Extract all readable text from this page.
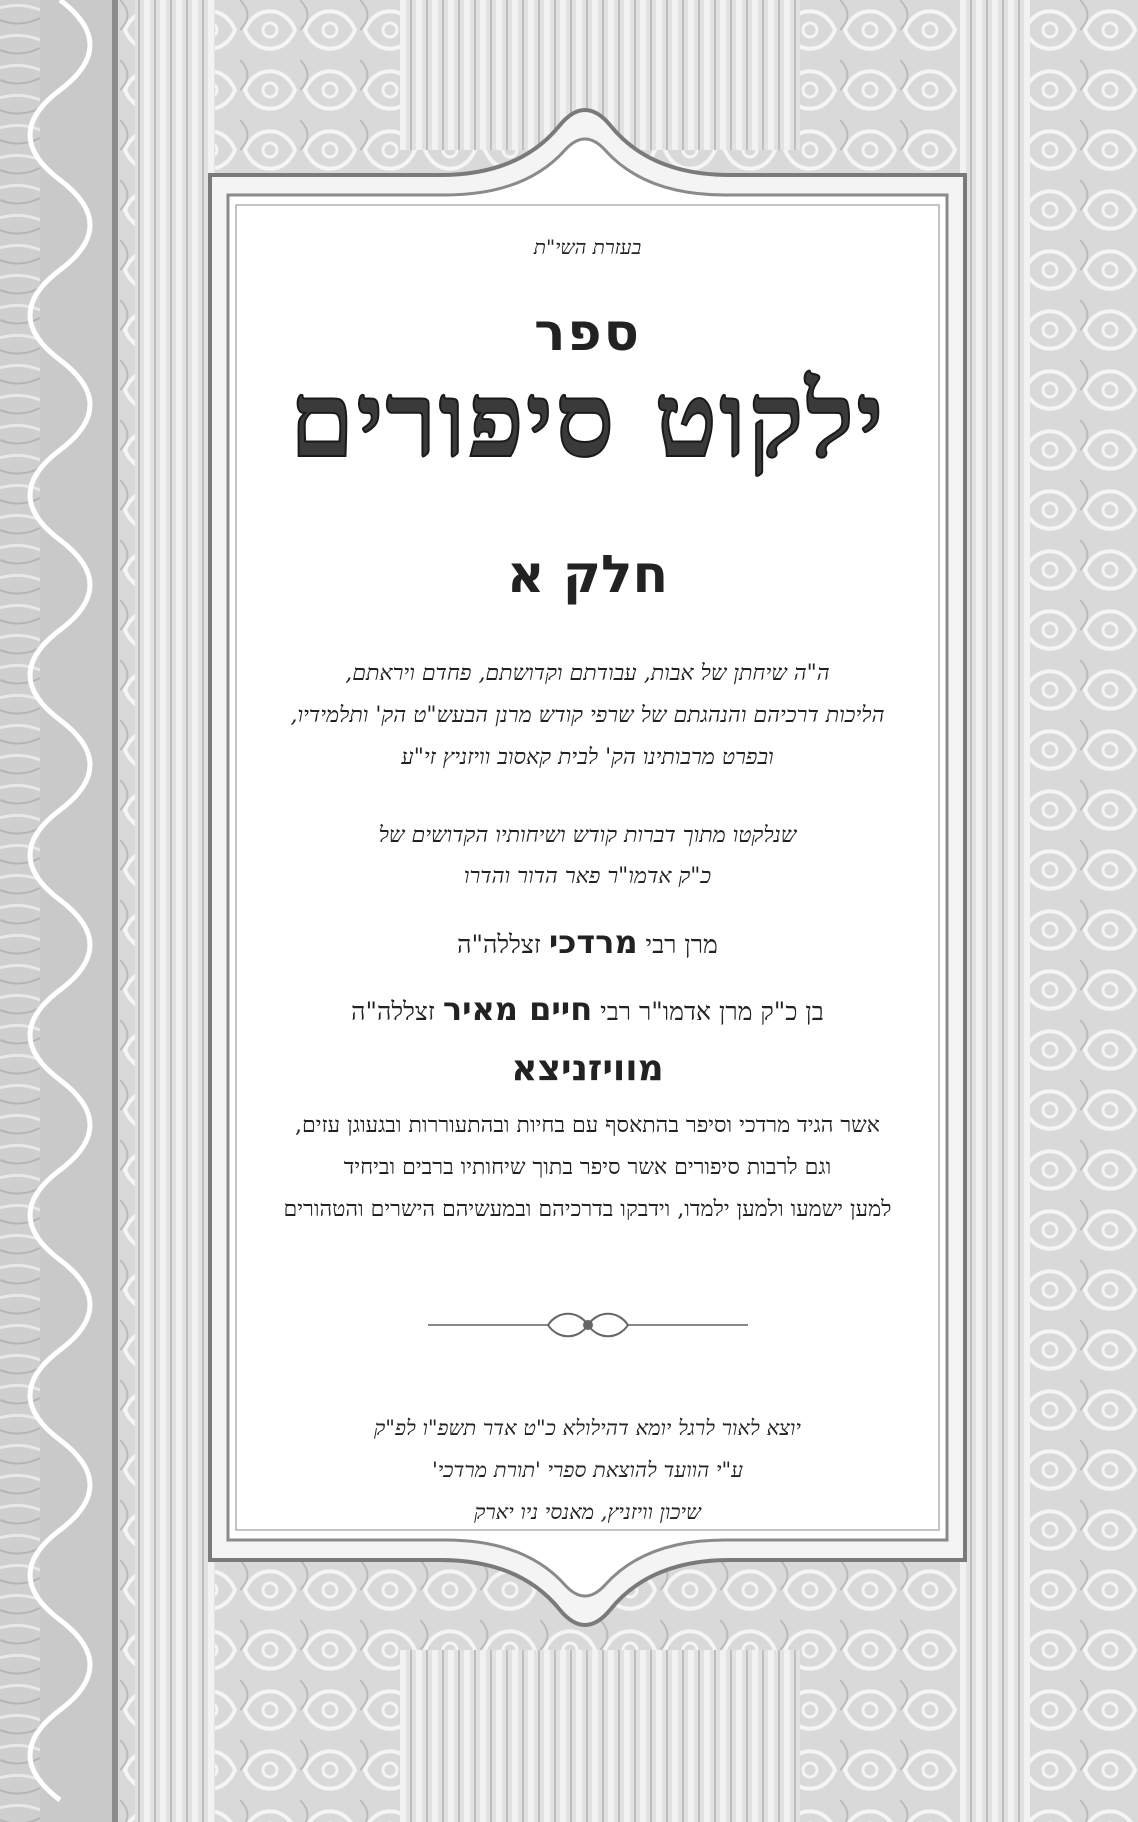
בעזרת השי"ת
ספר
ילקוט סיפורים
חלק א
ה"ה שיחתן של אבות, עבודתם וקדושתם, פחדם ויראתם,
הליכות דרכיהם והנהגתם של שרפי קודש מרנן הבעש"ט הק' ותלמידיו,
ובפרט מרבותינו הק' לבית קאסוב וויזניץ זי"ע
שנלקטו מתוך דברות קודש ושיחותיו הקדושים של
כ"ק אדמו"ר פאר הדור והדרו
מרן רבי מרדכי זצללה"ה
בן כ"ק מרן אדמו"ר רבי חיים מאיר זצללה"ה
מוויזניצא
אשר הגיד מרדכי וסיפר בהתאסף עם בחיות ובהתעוררות ובגעוגן עזים,
וגם לרבות סיפורים אשר סיפר בתוך שיחותיו ברבים וביחיד
למען ישמעו ולמען ילמדו, וידבקו בדרכיהם ובמעשיהם הישרים והטהורים
יוצא לאור לרגל יומא דהילולא כ"ט אדר תשפ"ו לפ"ק
ע"י הוועד להוצאת ספרי 'תורת מרדכי'
שיכון וויזניץ, מאנסי ניו יארק
